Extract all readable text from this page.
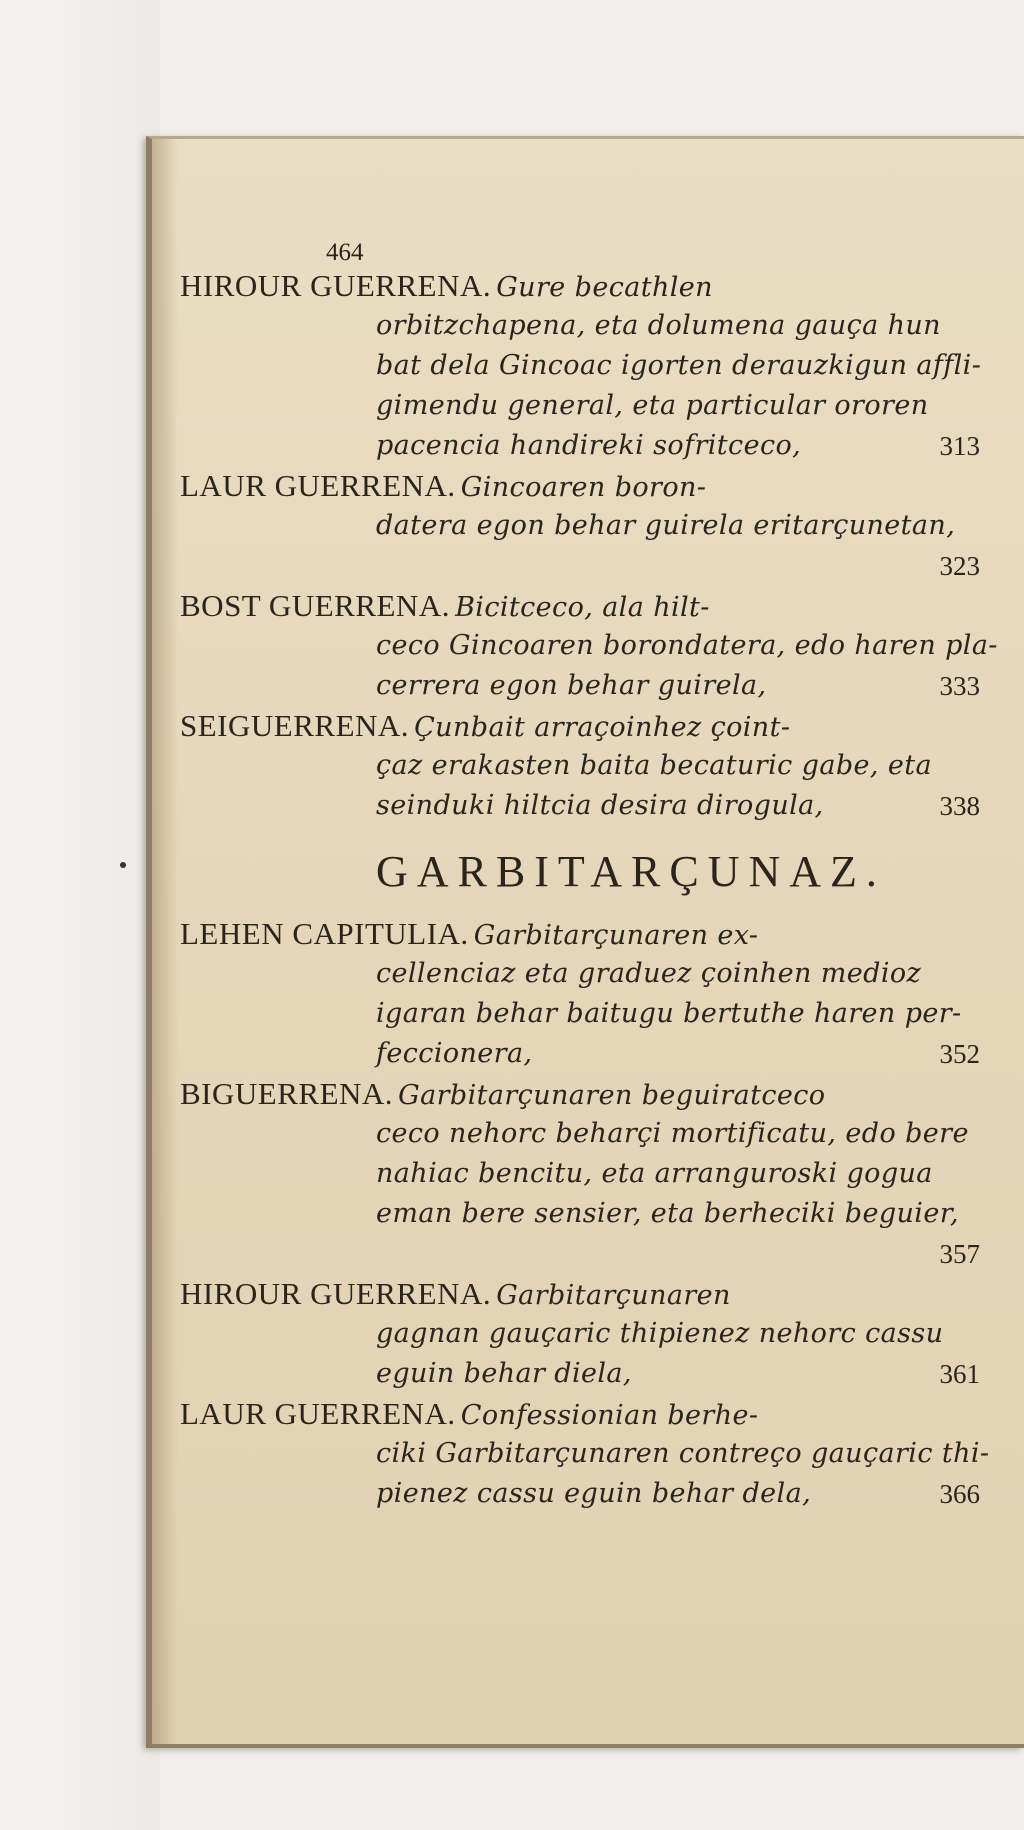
464
HIROUR GUERRENA. Gure becathlen
orbitzchapena, eta dolumena gauça hun
bat dela Gincoac igorten derauzkigun affli-
gimendu general, eta particular ororen
pacencia handireki sofritceco,	313
LAUR GUERRENA. Gincoaren boron-
datera egon behar guirela eritarçunetan,
323
BOST GUERRENA. Bicitceco, ala hilt-
ceco Gincoaren borondatera, edo haren pla-
cerrera egon behar guirela,	333
SEIGUERRENA. Çunbait arraçoinhez çoint-
çaz erakasten baita becaturic gabe, eta
seinduki hiltcia desira dirogula,	338
GARBITARÇUNAZ.
LEHEN CAPITULIA. Garbitarçunaren ex-
cellenciaz eta graduez çoinhen medioz
igaran behar baitugu bertuthe haren per-
feccionera,	352
BIGUERRENA. Garbitarçunaren beguiratceco
ceco nehorc beharçi mortificatu, edo bere
nahiac bencitu, eta arranguroski gogua
eman bere sensier, eta berheciki beguier,
357
HIROUR GUERRENA. Garbitarçunaren
gagnan gauçaric thipienez nehorc cassu
eguin behar diela,	361
LAUR GUERRENA. Confessionian berhe-
ciki Garbitarçunaren contreço gauçaric thi-
pienez cassu eguin behar dela,	366
